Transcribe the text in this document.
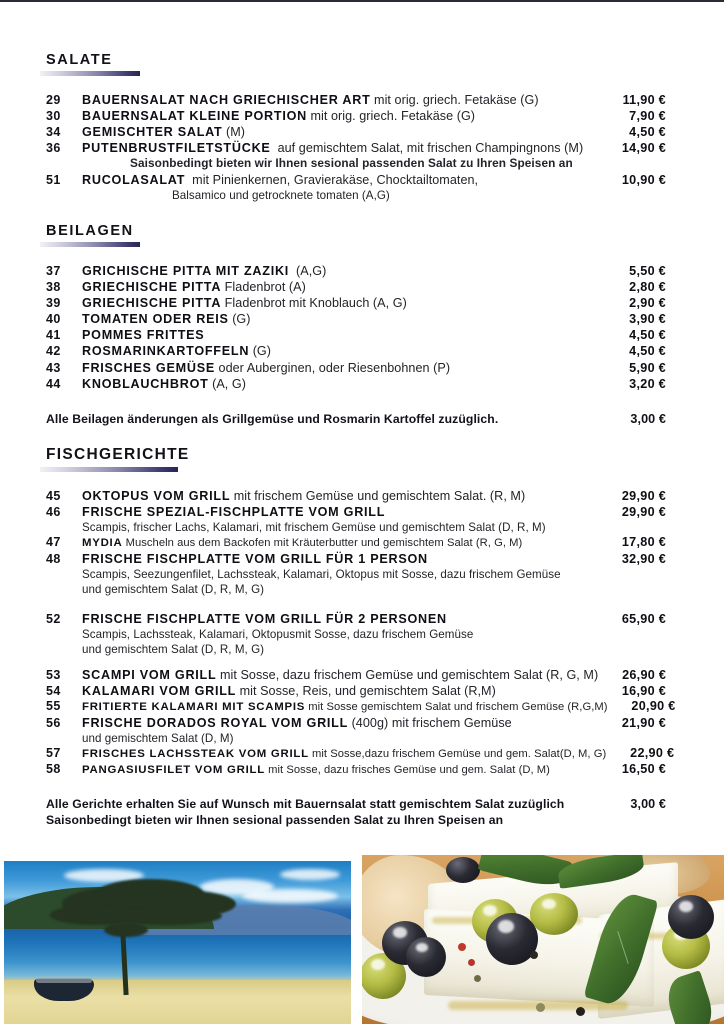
SALATE
29	BAUERNSALAT NACH GRIECHISCHER ART mit orig. griech. Fetakäse (G)	11,90 €
30	BAUERNSALAT KLEINE PORTION mit orig. griech. Fetakäse (G)	7,90 €
34	GEMISCHTER SALAT (M)	4,50 €
36	PUTENBRUSTFILETSTÜCKE auf gemischtem Salat, mit frischen Champingnons (M)	14,90 €
Saisonbedingt bieten wir Ihnen sesional passenden Salat zu Ihren Speisen an
51	RUCOLASALAT mit Pinienkernen, Gravierakäse, Chocktailtomaten,	10,90 €
Balsamico und getrocknete tomaten (A,G)
BEILAGEN
37	GRICHISCHE PITTA MIT ZAZIKI (A,G)	5,50 €
38	GRIECHISCHE PITTA Fladenbrot (A)	2,80 €
39	GRIECHISCHE PITTA Fladenbrot mit Knoblauch (A, G)	2,90 €
40	TOMATEN ODER REIS (G)	3,90 €
41	POMMES FRITTES	4,50 €
42	ROSMARINKARTOFFELN (G)	4,50 €
43	FRISCHES GEMÜSE oder Auberginen, oder Riesenbohnen (P)	5,90 €
44	KNOBLAUCHBROT (A, G)	3,20 €
Alle Beilagen änderungen als Grillgemüse und Rosmarin Kartoffel zuzüglich.	3,00 €
FISCHGERICHTE
45	OKTOPUS VOM GRILL mit frischem Gemüse und gemischtem Salat. (R, M)	29,90 €
46	FRISCHE SPEZIAL-FISCHPLATTE VOM GRILL	29,90 €
Scampis, frischer Lachs, Kalamari, mit frischem Gemüse und gemischtem Salat (D, R, M)
47	MYDIA Muscheln aus dem Backofen mit Kräuterbutter und gemischtem Salat (R, G, M)	17,80 €
48	FRISCHE FISCHPLATTE VOM GRILL FÜR 1 PERSON	32,90 €
Scampis, Seezungenfilet, Lachssteak, Kalamari, Oktopus mit Sosse, dazu frischem Gemüse
und gemischtem Salat (D, R, M, G)
52	FRISCHE FISCHPLATTE VOM GRILL FÜR 2 PERSONEN	65,90 €
Scampis, Lachssteak, Kalamari, Oktopusmit Sosse, dazu frischem Gemüse
und gemischtem Salat (D, R, M, G)
53	SCAMPI VOM GRILL mit Sosse, dazu frischem Gemüse und gemischtem Salat (R, G, M)	26,90 €
54	KALAMARI VOM GRILL mit Sosse, Reis, und gemischtem Salat (R,M)	16,90 €
55	FRITIERTE KALAMARI MIT SCAMPIS mit Sosse gemischtem Salat und frischem Gemüse (R,G,M)	20,90 €
56	FRISCHE DORADOS ROYAL VOM GRILL (400g) mit frischem Gemüse	21,90 €
und gemischtem Salat (D, M)
57	FRISCHES LACHSSTEAK VOM GRILL mit Sosse,dazu frischem Gemüse und gem. Salat(D, M, G)	22,90 €
58	PANGASIUSFILET VOM GRILL mit Sosse, dazu frisches Gemüse und gem. Salat (D, M)	16,50 €
Alle Gerichte erhalten Sie auf Wunsch mit Bauernsalat statt gemischtem Salat zuzüglich	3,00 €
Saisonbedingt bieten wir Ihnen sesional passenden Salat zu Ihren Speisen an
